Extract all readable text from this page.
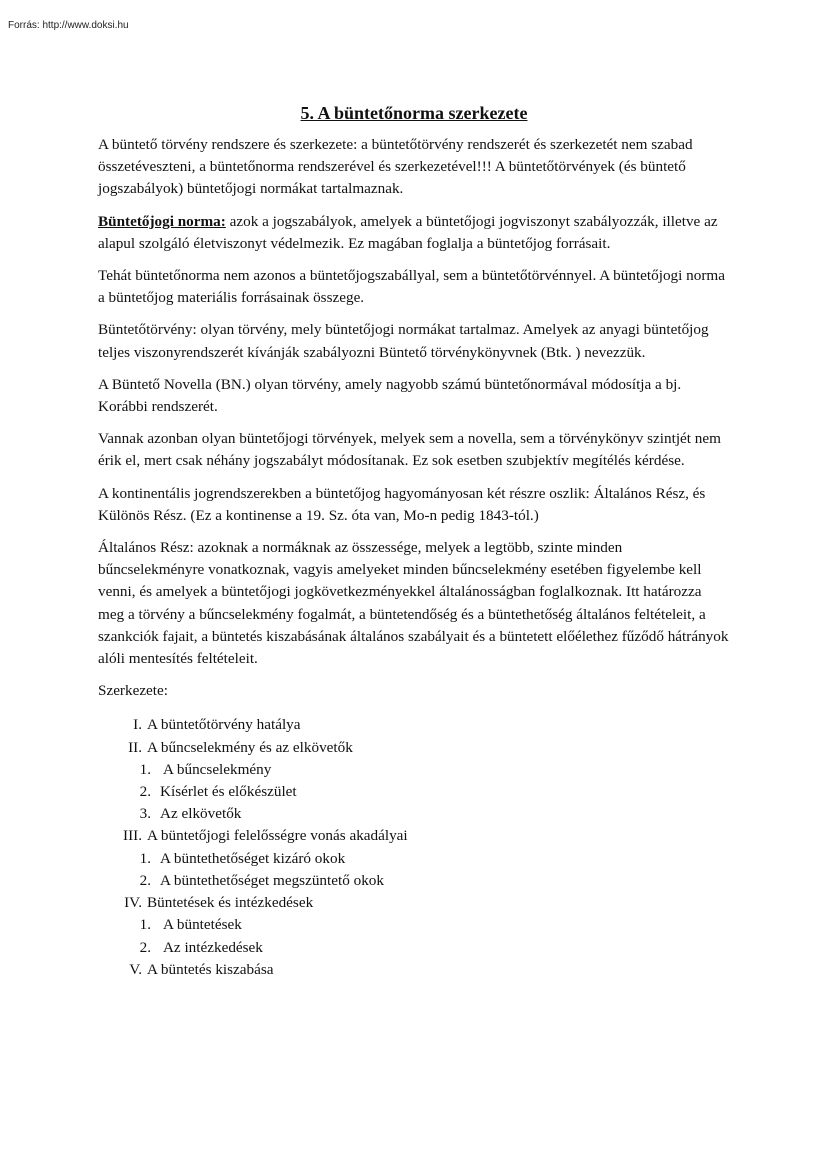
Forrás: http://www.doksi.hu
5. A büntetőnorma szerkezete

A büntető törvény rendszere és szerkezete: a büntetőtörvény rendszerét és szerkezetét nem szabad összetéveszteni, a büntetőnorma rendszerével és szerkezetével!!! A büntetőtörvények (és büntető jogszabályok) büntetőjogi normákat tartalmaznak.

Büntetőjogi norma: azok a jogszabályok, amelyek a büntetőjogi jogviszonyt szabályozzák, illetve az alapul szolgáló életviszonyt védelmezik. Ez magában foglalja a büntetőjog forrásait.

Tehát büntetőnorma nem azonos a büntetőjogszabállyal, sem a büntetőtörvénnyel. A büntetőjogi norma a büntetőjog materiális forrásainak összege.

Büntetőtörvény: olyan törvény, mely büntetőjogi normákat tartalmaz. Amelyek az anyagi büntetőjog teljes viszonyrendszerét kívánják szabályozni Büntető törvénykönyvnek (Btk. ) nevezzük.

A Büntető Novella (BN.) olyan törvény, amely nagyobb számú büntetőnormával módosítja a bj. Korábbi rendszerét.

Vannak azonban olyan büntetőjogi törvények, melyek sem a novella, sem a törvénykönyv szintjét nem érik el, mert csak néhány jogszabályt módosítanak. Ez sok esetben szubjektív megítélés kérdése.

A kontinentális jogrendszerekben a büntetőjog hagyományosan két részre oszlik: Általános Rész, és Különös Rész. (Ez a kontinense a 19. Sz. óta van, Mo-n pedig 1843-tól.)

Általános Rész: azoknak a normáknak az összessége, melyek a legtöbb, szinte minden bűncselekményre vonatkoznak, vagyis amelyeket minden bűncselekmény esetében figyelembe kell venni, és amelyek a büntetőjogi jogkövetkezményekkel általánosságban foglalkoznak. Itt határozza meg a törvény a bűncselekmény fogalmát, a büntetendőség és a büntethetőség általános feltételeit, a szankciók fajait, a büntetés kiszabásának általános szabályait és a büntetett előélethez fűződő hátrányok alóli mentesítés feltételeit.

Szerkezete:

I. A büntetőtörvény hatálya
II. A bűncselekmény és az elkövetők
1. A bűncselekmény
2. Kísérlet és előkészület
3. Az elkövetők
III. A büntetőjogi felelősségre vonás akadályai
1. A büntethetőséget kizáró okok
2. A büntethetőséget megszüntető okok
IV. Büntetések és intézkedések
1. A büntetések
2. Az intézkedések
V. A büntetés kiszabása
